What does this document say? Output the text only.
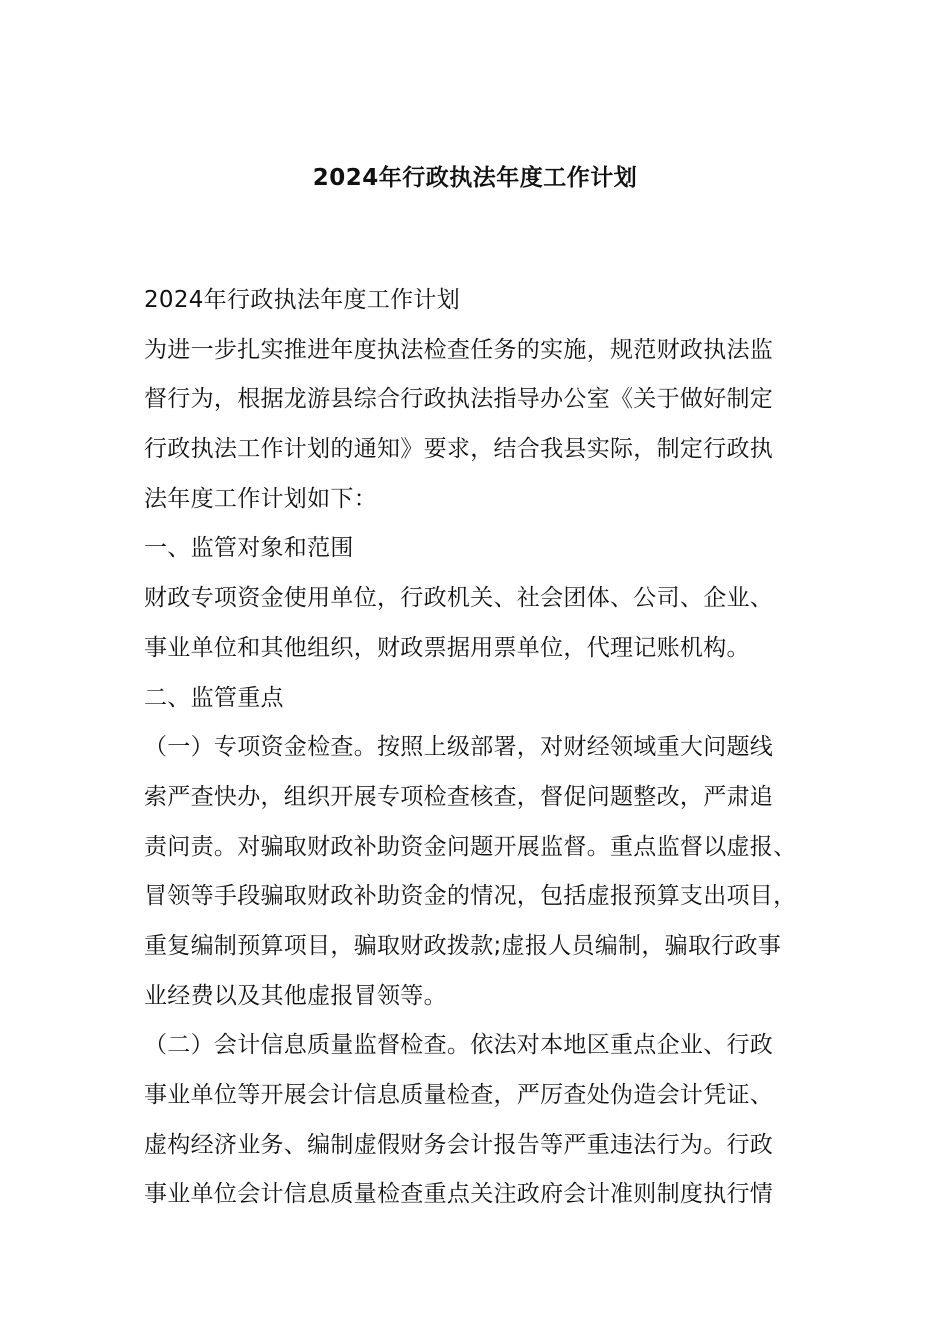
2024年行政执法年度工作计划
2024年行政执法年度工作计划
为进一步扎实推进年度执法检查任务的实施，规范财政执法监
督行为，根据龙游县综合行政执法指导办公室《关于做好制定
行政执法工作计划的通知》要求，结合我县实际，制定行政执
法年度工作计划如下：
一、监管对象和范围
财政专项资金使用单位，行政机关、社会团体、公司、企业、
事业单位和其他组织，财政票据用票单位，代理记账机构。
二、监管重点
（一）专项资金检查。按照上级部署，对财经领域重大问题线
索严查快办，组织开展专项检查核查，督促问题整改，严肃追
责问责。对骗取财政补助资金问题开展监督。重点监督以虚报、
冒领等手段骗取财政补助资金的情况，包括虚报预算支出项目，
重复编制预算项目，骗取财政拨款;虚报人员编制，骗取行政事
业经费以及其他虚报冒领等。
（二）会计信息质量监督检查。依法对本地区重点企业、行政
事业单位等开展会计信息质量检查，严厉查处伪造会计凭证、
虚构经济业务、编制虚假财务会计报告等严重违法行为。行政
事业单位会计信息质量检查重点关注政府会计准则制度执行情
